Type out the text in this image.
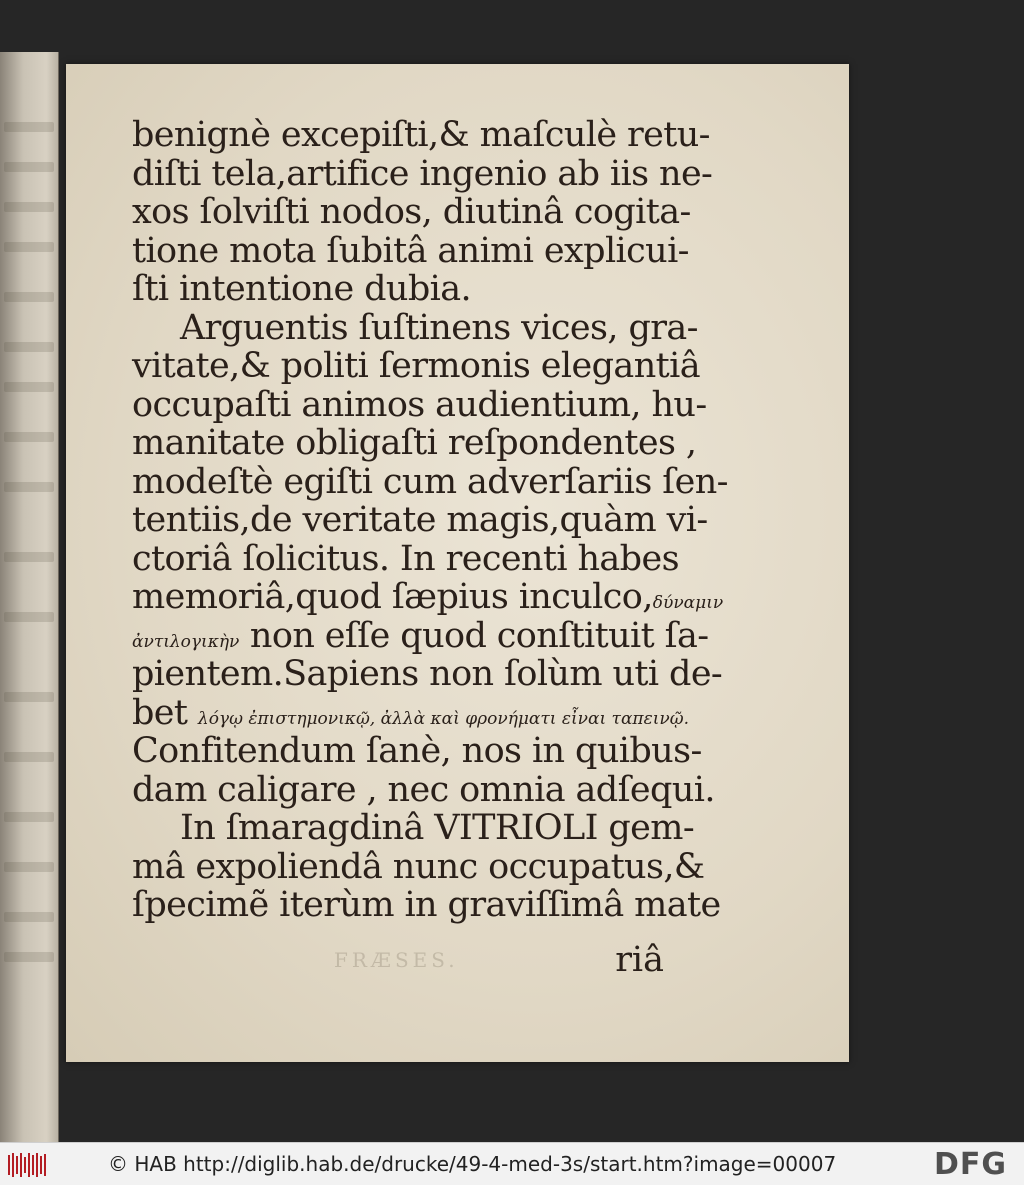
benignè excepiſti,& maſculè retu-
diſti tela,artifice ingenio ab iis ne-
xos ſolviſti nodos, diutinâ cogita-
tione mota ſubitâ animi explicui-
ſti intentione dubia.
Arguentis ſuſtinens vices, gra-
vitate,& politi ſermonis elegantiâ
occupaſti animos audientium, hu-
manitate obligaſti reſpondentes ,
modeſtè egiſti cum adverſariis ſen-
tentiis,de veritate magis,quàm vi-
ctoriâ ſolicitus. In recenti habes
memoriâ,quod ſæpius inculco,δύναμιν
ἀντιλογικὴν non eſſe quod conſtituit ſa-
pientem.Sapiens non ſolùm uti de-
bet λόγῳ ἐπιστημονικῷ, ἀλλὰ καὶ φρονήματι εἶναι ταπεινῷ.
Confitendum ſanè, nos in quibus-
dam caligare , nec omnia adſequi.
In ſmaragdinâ VITRIOLI gem-
mâ expoliendâ nunc occupatus,&
ſpecimẽ iterùm in graviſſimâ mate
FRÆSES.	riâ
© HAB http://diglib.hab.de/drucke/49-4-med-3s/start.htm?image=00007	DFG
